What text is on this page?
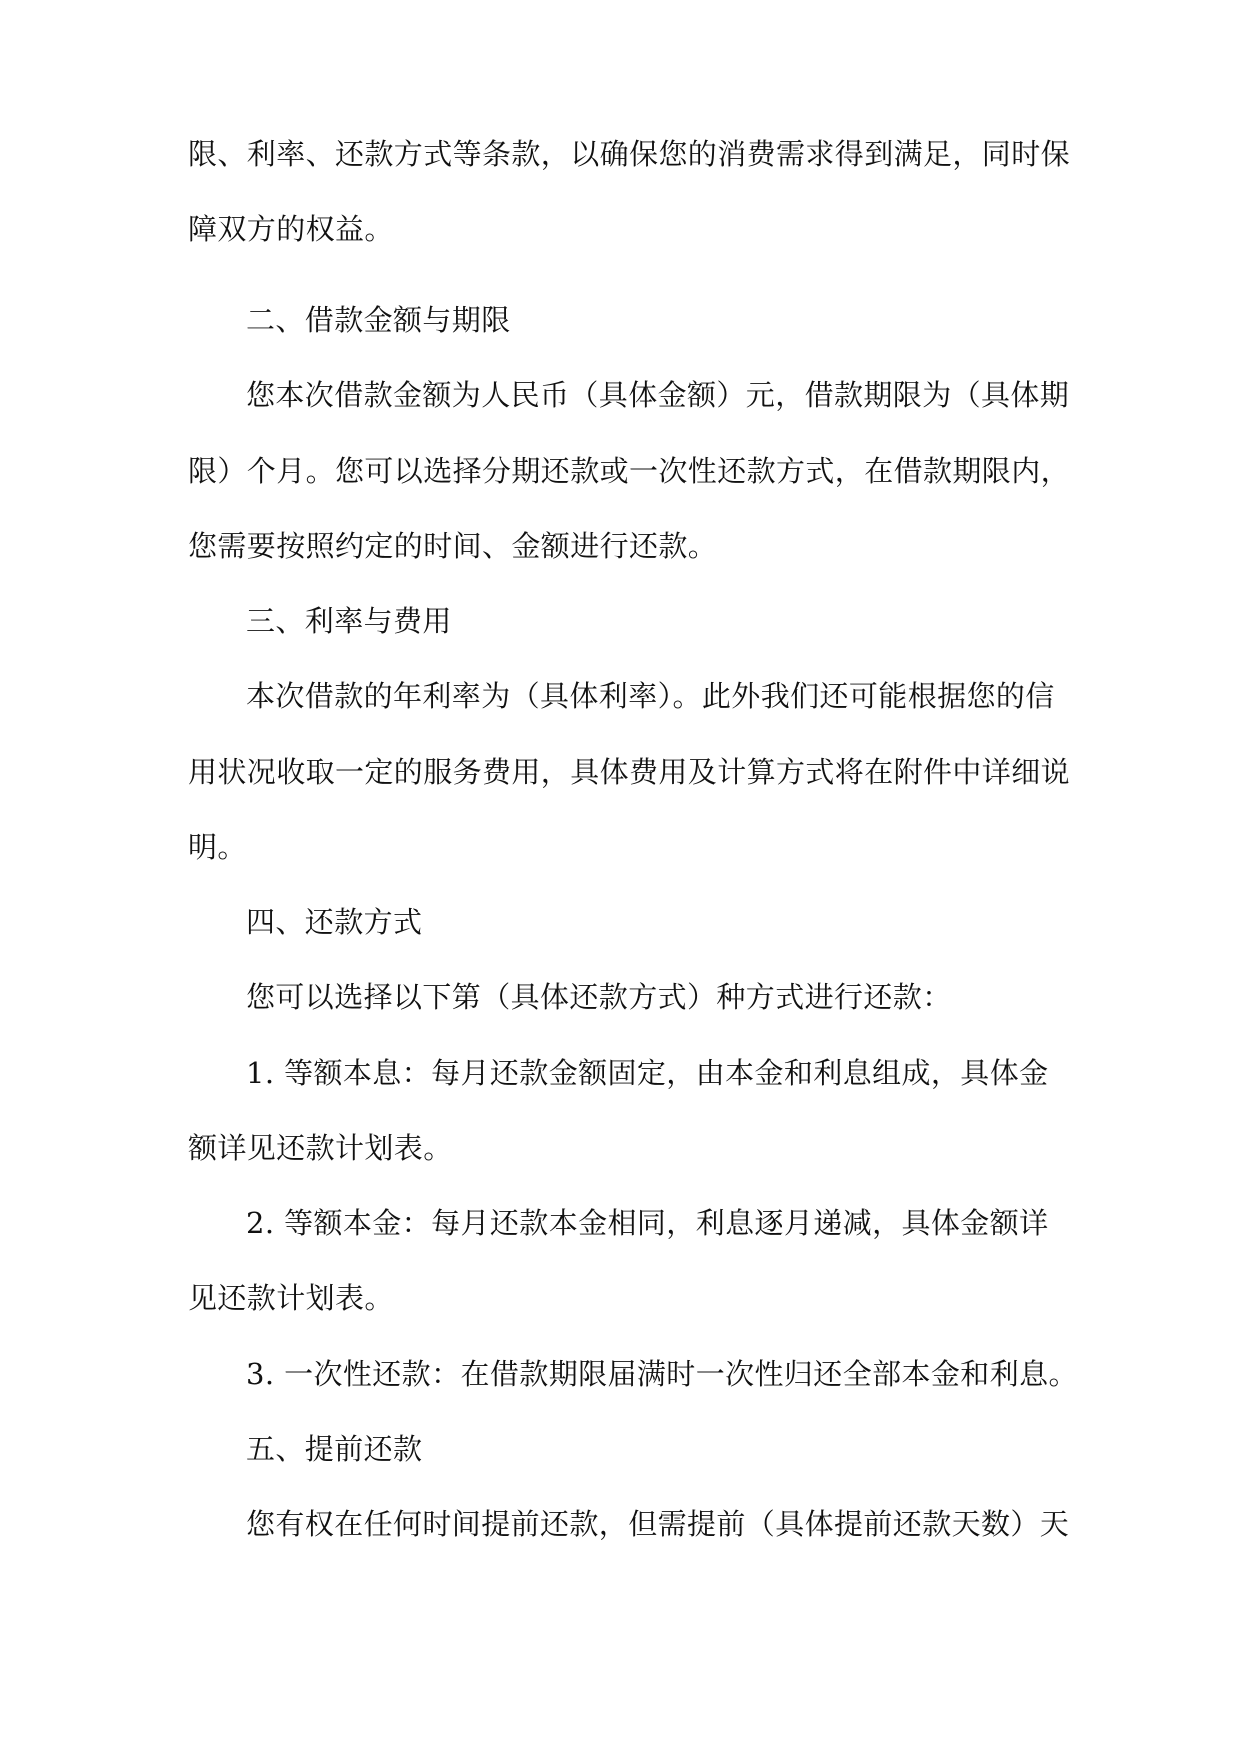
限、利率、还款方式等条款，以确保您的消费需求得到满足，同时保
障双方的权益。
二、借款金额与期限
您本次借款金额为人民币（具体金额）元，借款期限为（具体期
限）个月。您可以选择分期还款或一次性还款方式，在借款期限内，
您需要按照约定的时间、金额进行还款。
三、利率与费用
本次借款的年利率为（具体利率）。此外我们还可能根据您的信
用状况收取一定的服务费用，具体费用及计算方式将在附件中详细说
明。
四、还款方式
您可以选择以下第（具体还款方式）种方式进行还款：
1. 等额本息：每月还款金额固定，由本金和利息组成，具体金
额详见还款计划表。
2. 等额本金：每月还款本金相同，利息逐月递减，具体金额详
见还款计划表。
3. 一次性还款：在借款期限届满时一次性归还全部本金和利息。
五、提前还款
您有权在任何时间提前还款，但需提前（具体提前还款天数）天
